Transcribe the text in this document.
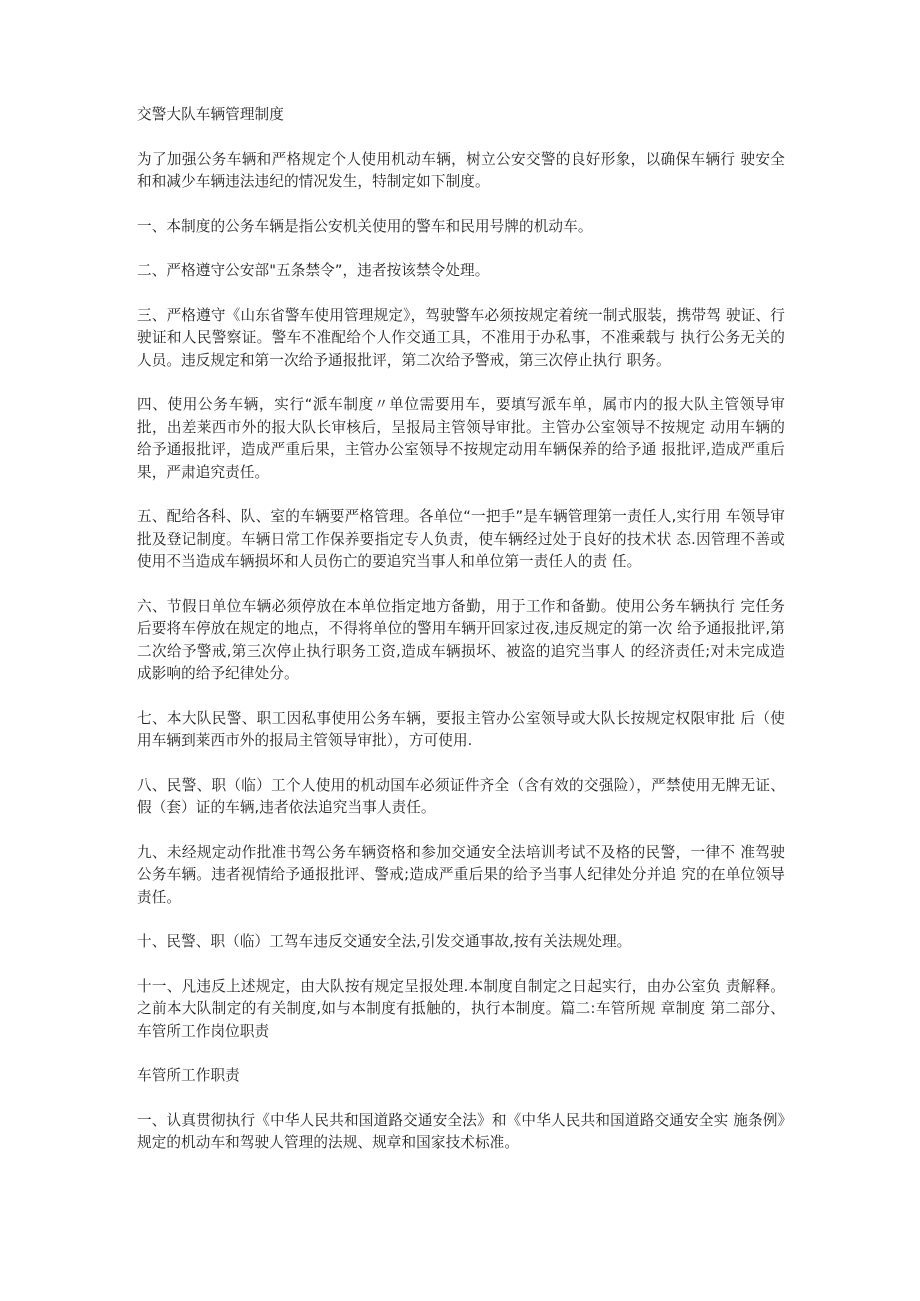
交警大队车辆管理制度
为了加强公务车辆和严格规定个人使用机动车辆，树立公安交警的良好形象，以确保车辆行 驶安全和和减少车辆违法违纪的情况发生，特制定如下制度。
一、本制度的公务车辆是指公安机关使用的警车和民用号牌的机动车。
二、严格遵守公安部"五条禁令”，违者按该禁令处理。
三、严格遵守《山东省警车使用管理规定》，驾驶警车必须按规定着统一制式服装，携带驾 驶证、行驶证和人民警察证。警车不准配给个人作交通工具，不准用于办私事，不准乘载与 执行公务无关的人员。违反规定和第一次给予通报批评，第二次给予警戒，第三次停止执行 职务。
四、使用公务车辆，实行“派车制度〃单位需要用车，要填写派车单，属市内的报大队主管领导审批，出差莱西市外的报大队长审核后，呈报局主管领导审批。主管办公室领导不按规定 动用车辆的给予通报批评，造成严重后果，主管办公室领导不按规定动用车辆保养的给予通 报批评,造成严重后果，严肃追究责任。
五、配给各科、队、室的车辆要严格管理。各单位“一把手”是车辆管理第一责任人,实行用 车领导审批及登记制度。车辆日常工作保养要指定专人负责，使车辆经过处于良好的技术状 态.因管理不善或使用不当造成车辆损坏和人员伤亡的要追究当事人和单位第一责任人的责 任。
六、节假日单位车辆必须停放在本单位指定地方备勤，用于工作和备勤。使用公务车辆执行 完任务后要将车停放在规定的地点，不得将单位的警用车辆开回家过夜,违反规定的第一次 给予通报批评,第二次给予警戒,第三次停止执行职务工资,造成车辆损坏、被盗的追究当事人 的经济责任;对未完成造成影响的给予纪律处分。
七、本大队民警、职工因私事使用公务车辆，要报主管办公室领导或大队长按规定权限审批 后（使用车辆到莱西市外的报局主管领导审批），方可使用.
八、民警、职（临）工个人使用的机动国车必须证件齐全（含有效的交强险），严禁使用无牌无证、假（套）证的车辆,违者依法追究当事人责任。
九、未经规定动作批准书驾公务车辆资格和参加交通安全法培训考试不及格的民警，一律不 准驾驶公务车辆。违者视情给予通报批评、警戒;造成严重后果的给予当事人纪律处分并追 究的在单位领导责任。
十、民警、职（临）工驾车违反交通安全法,引发交通事故,按有关法规处理。
十一、凡违反上述规定，由大队按有规定呈报处理.本制度自制定之日起实行，由办公室负 责解释。之前本大队制定的有关制度,如与本制度有抵触的，执行本制度。篇二:车管所规 章制度 第二部分、车管所工作岗位职责
车管所工作职责
一、认真贯彻执行《中华人民共和国道路交通安全法》和《中华人民共和国道路交通安全实 施条例》规定的机动车和驾驶人管理的法规、规章和国家技术标准。
